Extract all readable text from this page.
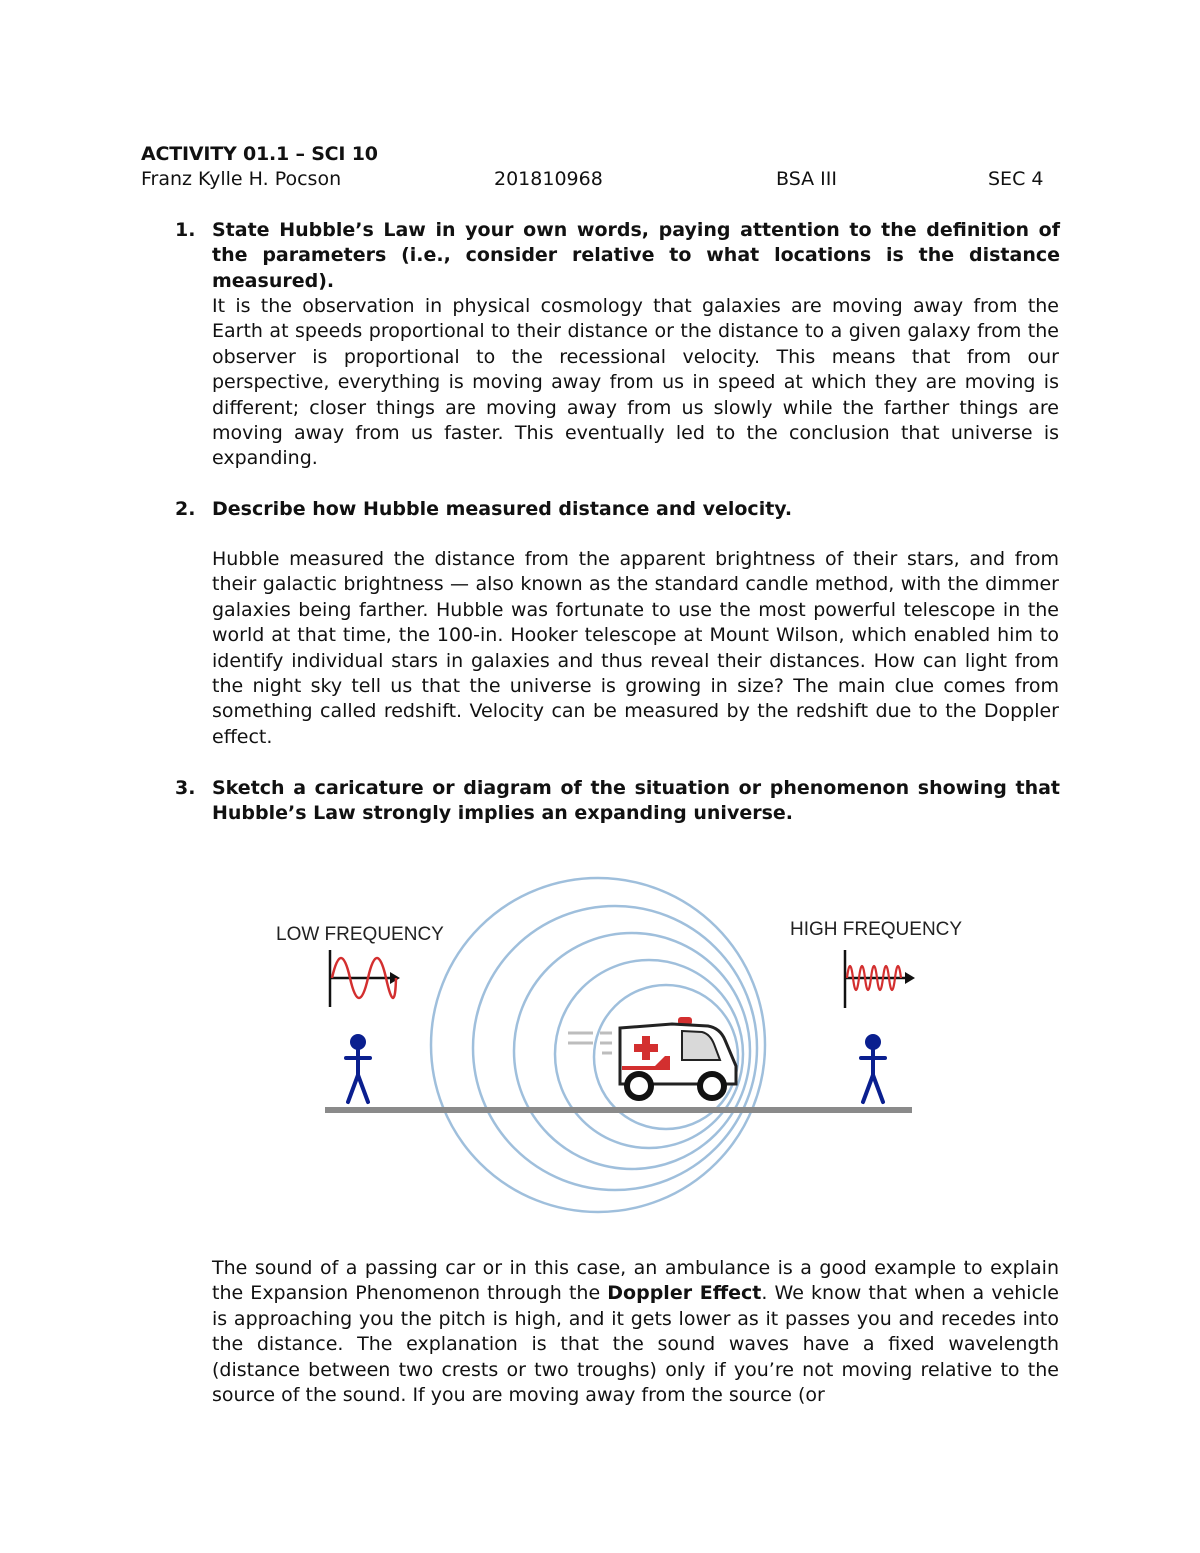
ACTIVITY 01.1 – SCI 10
Franz Kylle H. Pocson	201810968	BSA III	SEC 4
1. State Hubble’s Law in your own words, paying attention to the definition of the parameters (i.e., consider relative to what locations is the distance measured).
It is the observation in physical cosmology that galaxies are moving away from the Earth at speeds proportional to their distance or the distance to a given galaxy from the observer is proportional to the recessional velocity. This means that from our perspective, everything is moving away from us in speed at which they are moving is different; closer things are moving away from us slowly while the farther things are moving away from us faster. This eventually led to the conclusion that universe is expanding.
2. Describe how Hubble measured distance and velocity.
Hubble measured the distance from the apparent brightness of their stars, and from their galactic brightness — also known as the standard candle method, with the dimmer galaxies being farther. Hubble was fortunate to use the most powerful telescope in the world at that time, the 100-in. Hooker telescope at Mount Wilson, which enabled him to identify individual stars in galaxies and thus reveal their distances. How can light from the night sky tell us that the universe is growing in size? The main clue comes from something called redshift. Velocity can be measured by the redshift due to the Doppler effect.
3. Sketch a caricature or diagram of the situation or phenomenon showing that Hubble’s Law strongly implies an expanding universe.
LOW FREQUENCY	HIGH FREQUENCY
The sound of a passing car or in this case, an ambulance is a good example to explain the Expansion Phenomenon through the Doppler Effect. We know that when a vehicle is approaching you the pitch is high, and it gets lower as it passes you and recedes into the distance. The explanation is that the sound waves have a fixed wavelength (distance between two crests or two troughs) only if you’re not moving relative to the source of the sound. If you are moving away from the source (or
